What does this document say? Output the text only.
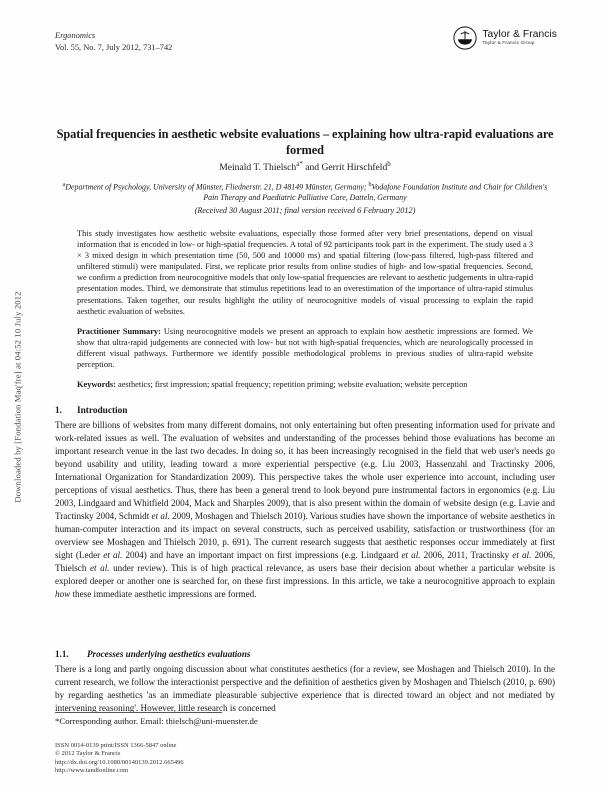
Downloaded by [Fondation Maq'fre] at 04:52 10 July 2012
Ergonomics
Vol. 55, No. 7, July 2012, 731–742
Taylor & Francis
Taylor & Francis Group
Spatial frequencies in aesthetic website evaluations – explaining how ultra-rapid evaluations are formed
Meinald T. Thielsch$^{a*}$ and Gerrit Hirschfeld$^b$
$^a$Department of Psychology, University of Münster, Fliednerstr. 21, D 48149 Münster, Germany; $^b$Vodafone Foundation Institute and Chair for Children's Pain Therapy and Paediatric Palliative Care, Datteln, Germany
(Received 30 August 2011; final version received 6 February 2012)

This study investigates how aesthetic website evaluations, especially those formed after very brief presentations, depend on visual information that is encoded in low- or high-spatial frequencies. A total of 92 participants took part in the experiment. The study used a 3 × 3 mixed design in which presentation time (50, 500 and 10000 ms) and spatial filtering (low-pass filtered, high-pass filtered and unfiltered stimuli) were manipulated. First, we replicate prior results from online studies of high- and low-spatial frequencies. Second, we confirm a prediction from neurocognitive models that only low-spatial frequencies are relevant to aesthetic judgements in ultra-rapid presentation modes. Third, we demonstrate that stimulus repetitions lead to an overestimation of the importance of ultra-rapid stimulus presentations. Taken together, our results highlight the utility of neurocognitive models of visual processing to explain the rapid aesthetic evaluation of websites.

Practitioner Summary: Using neurocognitive models we present an approach to explain how aesthetic impressions are formed. We show that ultra-rapid judgements are connected with low- but not with high-spatial frequencies, which are neurologically processed in different visual pathways. Furthermore we identify possible methodological problems in previous studies of ultra-rapid website perception.

Keywords: aesthetics; first impression; spatial frequency; repetition priming; website evaluation; website perception

1. Introduction
There are billions of websites from many different domains, not only entertaining but often presenting information used for private and work-related issues as well. The evaluation of websites and understanding of the processes behind those evaluations has become an important research venue in the last two decades. In doing so, it has been increasingly recognised in the field that web user's needs go beyond usability and utility, leading toward a more experiential perspective (e.g. Liu 2003, Hassenzahl and Tractinsky 2006, International Organization for Standardization 2009). This perspective takes the whole user experience into account, including user perceptions of visual aesthetics. Thus, there has been a general trend to look beyond pure instrumental factors in ergonomics (e.g. Liu 2003, Lindgaard and Whitfield 2004, Mack and Sharples 2009), that is also present within the domain of website design (e.g. Lavie and Tractinsky 2004, Schmidt et al. 2009, Moshagen and Thielsch 2010). Various studies have shown the importance of website aesthetics in human-computer interaction and its impact on several constructs, such as perceived usability, satisfaction or trustworthiness (for an overview see Moshagen and Thielsch 2010, p. 691). The current research suggests that aesthetic responses occur immediately at first sight (Leder et al. 2004) and have an important impact on first impressions (e.g. Lindgaard et al. 2006, 2011, Tractinsky et al. 2006, Thielsch et al. under review). This is of high practical relevance, as users base their decision about whether a particular website is explored deeper or another one is searched for, on these first impressions. In this article, we take a neurocognitive approach to explain how these immediate aesthetic impressions are formed.
1.1. Processes underlying aesthetics evaluations
There is a long and partly ongoing discussion about what constitutes aesthetics (for a review, see Moshagen and Thielsch 2010). In the current research, we follow the interactionist perspective and the definition of aesthetics given by Moshagen and Thielsch (2010, p. 690) by regarding aesthetics 'as an immediate pleasurable subjective experience that is directed toward an object and not mediated by intervening reasoning'. However, little research is concerned
*Corresponding author. Email: thielsch@uni-muenster.de
ISSN 0014-0139 print/ISSN 1366-5847 online
© 2012 Taylor & Francis
http://dx.doi.org/10.1080/00140139.2012.665496
http://www.tandfonline.com
